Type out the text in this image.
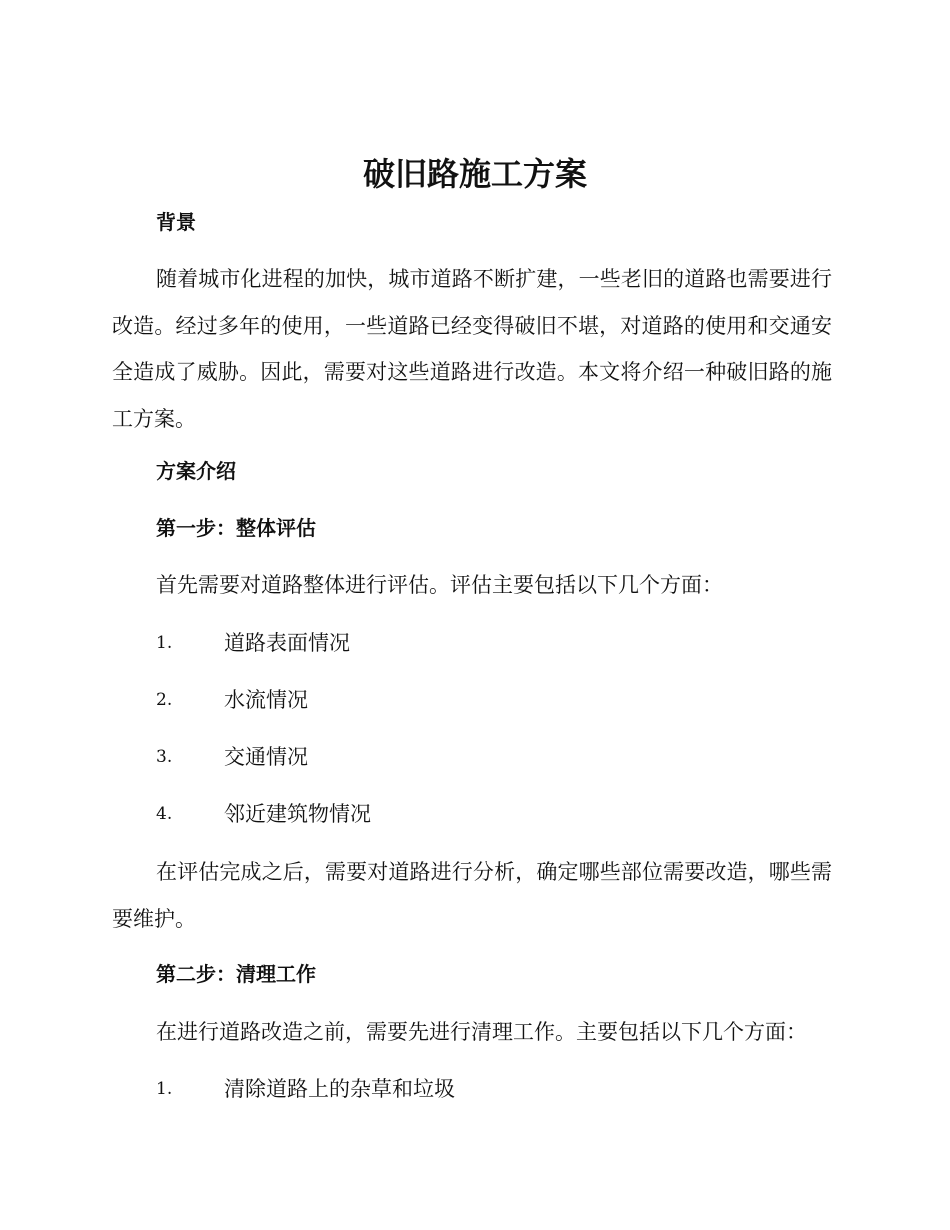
破旧路施工方案
背景
随着城市化进程的加快，城市道路不断扩建，一些老旧的道路也需要进行改造。经过多年的使用，一些道路已经变得破旧不堪，对道路的使用和交通安全造成了威胁。因此，需要对这些道路进行改造。本文将介绍一种破旧路的施工方案。
方案介绍
第一步：整体评估
首先需要对道路整体进行评估。评估主要包括以下几个方面：
1. 道路表面情况
2. 水流情况
3. 交通情况
4. 邻近建筑物情况
在评估完成之后，需要对道路进行分析，确定哪些部位需要改造，哪些需要维护。
第二步：清理工作
在进行道路改造之前，需要先进行清理工作。主要包括以下几个方面：
1. 清除道路上的杂草和垃圾
